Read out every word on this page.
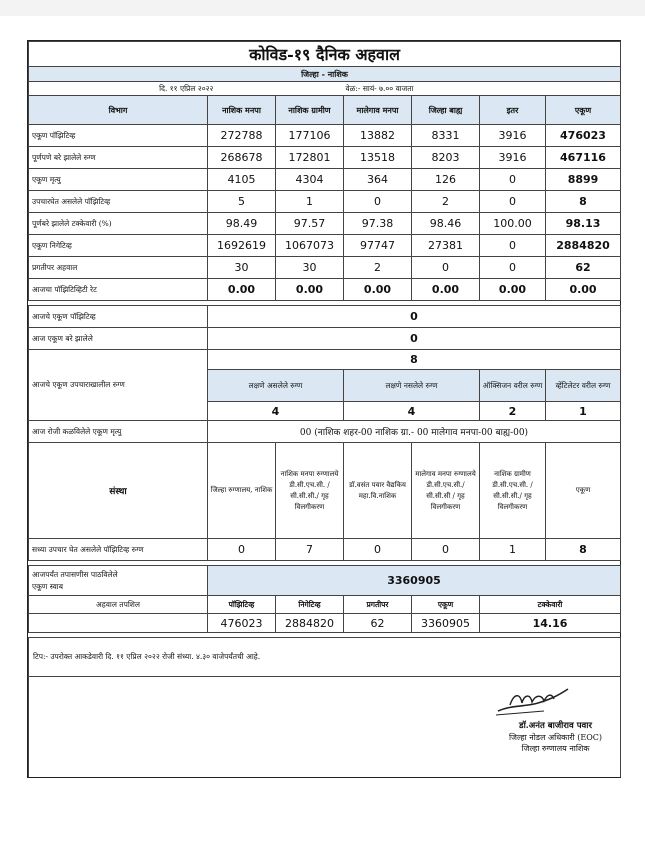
कोविड-१९ दैनिक अहवाल						
जिल्हा - नाशिक						
दि. ११ एप्रिल २०२२			वेळ:- सायं- ७.०० वाजता			
विभाग	नाशिक मनपा	नाशिक ग्रामीण	मालेगाव मनपा	जिल्हा बाह्य	इतर	एकूण
एकूण पॉझिटिव्ह	272788	177106	13882	8331	3916	476023
पूर्णपणे बरे झालेले रुग्ण	268678	172801	13518	8203	3916	467116
एकूण मृत्यु	4105	4304	364	126	0	8899
उपचारघेत असलेले पॉझिटिव्ह	5	1	0	2	0	8
पूर्णबरे झालेले टक्केवारी (%)	98.49	97.57	97.38	98.46	100.00	98.13
एकूण निगेटिव्ह	1692619	1067073	97747	27381	0	2884820
प्रगतीपर अहवाल	30	30	2	0	0	62
आजचा पॉझिटिव्हिटी रेट	0.00	0.00	0.00	0.00	0.00	0.00

आजचे एकूण पॉझिटिव्ह	0					
आज एकूण बरे झालेले	0					
आजचे एकूण उपचाराखालील रुग्ण	8					
	लक्षणे असलेले रुग्ण		लक्षणे नसलेले रुग्ण		ऑक्सिजन वरील रुग्ण	व्हेंटिलेटर वरील रुग्ण
	4		4		2	1
आज रोजी कळविलेले एकूण मृत्यु	00 (नाशिक शहर-00 नाशिक ग्रा.- 00 मालेगाव मनपा-00 बाह्य-00)					
संस्था	जिल्हा रुग्णालय, नाशिक	नाशिक मनपा रुग्णालये डी.सी.एच.सी. / सी.सी.सी./ गृह विलगीकरण	डॉ.वसंत पवार वैद्यकिय महा.वि.नाशिक	मालेगाव मनपा रुग्णालये डी.सी.एच.सी./ सी.सी.सी / गृह विलगीकरण	नाशिक ग्रामीण डी.सी.एच.सी. /सी.सी.सी./ गृह विलगीकरण	एकूण
सध्या उपचार घेत असलेले पॉझिटिव्ह रुग्ण	0	7	0	0	1	8

आजपर्यंत तपासणीस पाठविलेले
एकूण स्वाब	3360905					
अहवाल तपशिल	पॉझिटिव्ह	निगेटिव्ह	प्रगतीपर	एकूण	टक्केवारी	
	476023	2884820	62	3360905	14.16	

टिप:- उपरोक्त आकडेवारी दि. ११ एप्रिल २०२२ रोजी संध्या. ४.३० वाजेपर्यंतची आहे.						

डॉ.अनंत बाजीराव पवार
जिल्हा नोडल अधिकारी (EOC)
जिल्हा रुग्णालय नाशिक						
